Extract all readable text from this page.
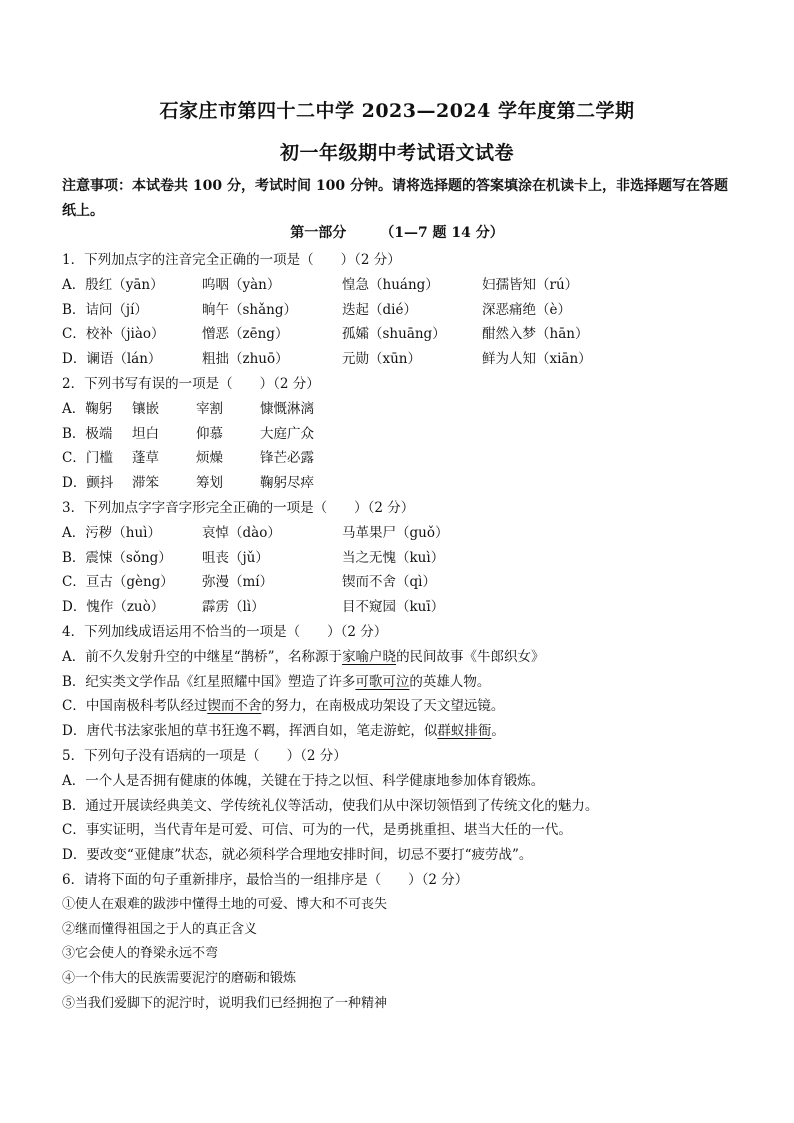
石家庄市第四十二中学 2023—2024 学年度第二学期
初一年级期中考试语文试卷
注意事项：本试卷共 100 分，考试时间 100 分钟。请将选择题的答案填涂在机读卡上，非选择题写在答题纸上。
第一部分 （1—7 题 14 分）
1．下列加点字的注音完全正确的一项是（　　）（2 分）
A．殷红（yān）	呜咽（yàn）	惶急（huáng）	妇孺皆知（rú）
B．诘问（jí）	晌午（shǎng）	迭起（dié）	深恶痛绝（è）
C．校补（jiào）	憎恶（zēng）	孤孀（shuāng）	酣然入梦（hān）
D．谰语（lán）	粗拙（zhuō）	元勋（xūn）	鲜为人知（xiān）
2．下列书写有误的一项是（　　）（2 分）
A．鞠躬	镶嵌	宰割	慷慨淋漓
B．极端	坦白	仰慕	大庭广众
C．门槛	蓬草	烦燥	锋芒必露
D．颤抖	滞笨	筹划	鞠躬尽瘁
3．下列加点字字音字形完全正确的一项是（　　）（2 分）
A．污秽（huì）	哀悼（dào）	马革果尸（guǒ）
B．震悚（sǒng）	咀丧（jǔ）	当之无愧（kuì）
C．亘古（gèng）	弥漫（mí）	锲而不舍（qì）
D．愧作（zuò）	霹雳（lì）	目不窥园（kuī）
4．下列加线成语运用不恰当的一项是（　　）（2 分）
A．前不久发射升空的中继星“鹊桥”，名称源于家喻户晓的民间故事《牛郎织女》
B．纪实类文学作品《红星照耀中国》塑造了许多可歌可泣的英雄人物。
C．中国南极科考队经过锲而不舍的努力，在南极成功架设了天文望远镜。
D．唐代书法家张旭的草书狂逸不羁，挥洒自如，笔走游蛇，似群蚁排衙。
5．下列句子没有语病的一项是（　　）（2 分）
A．一个人是否拥有健康的体魄，关键在于持之以恒、科学健康地参加体育锻炼。
B．通过开展读经典美文、学传统礼仪等活动，使我们从中深切领悟到了传统文化的魅力。
C．事实证明，当代青年是可爱、可信、可为的一代，是勇挑重担、堪当大任的一代。
D．要改变“亚健康”状态，就必须科学合理地安排时间，切忌不要打“疲劳战”。
6．请将下面的句子重新排序，最恰当的一组排序是（　　）（2 分）
①使人在艰难的跋涉中懂得土地的可爱、博大和不可丧失
②继而懂得祖国之于人的真正含义
③它会使人的脊梁永远不弯
④一个伟大的民族需要泥泞的磨砺和锻炼
⑤当我们爱脚下的泥泞时，说明我们已经拥抱了一种精神
